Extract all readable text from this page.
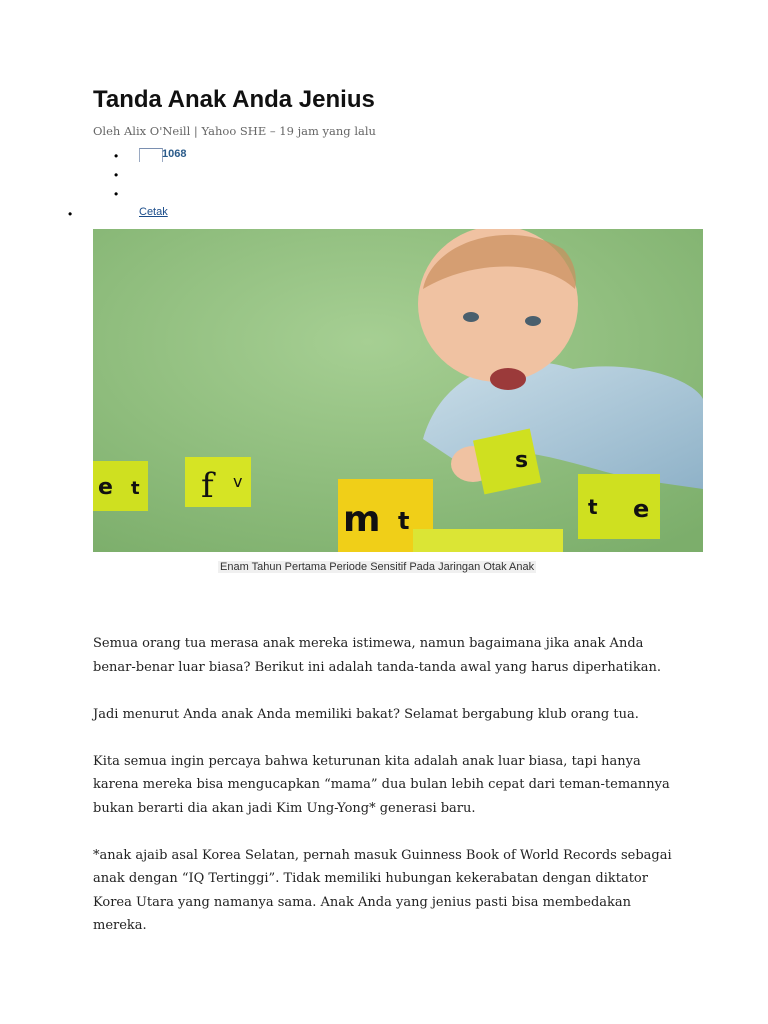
Tanda Anak Anda Jenius
Oleh Alix O'Neill | Yahoo SHE – 19 jam yang lalu
•	1068
•
•
•	Cetak
e t f v
m t
s
t e
Enam Tahun Pertama Periode Sensitif Pada Jaringan Otak Anak

Semua orang tua merasa anak mereka istimewa, namun bagaimana jika anak Anda benar-benar luar biasa? Berikut ini adalah tanda-tanda awal yang harus diperhatikan.

Jadi menurut Anda anak Anda memiliki bakat? Selamat bergabung klub orang tua.

Kita semua ingin percaya bahwa keturunan kita adalah anak luar biasa, tapi hanya karena mereka bisa mengucapkan “mama” dua bulan lebih cepat dari teman-temannya bukan berarti dia akan jadi Kim Ung-Yong* generasi baru.

*anak ajaib asal Korea Selatan, pernah masuk Guinness Book of World Records sebagai anak dengan “IQ Tertinggi”. Tidak memiliki hubungan kekerabatan dengan diktator Korea Utara yang namanya sama. Anak Anda yang jenius pasti bisa membedakan mereka.
